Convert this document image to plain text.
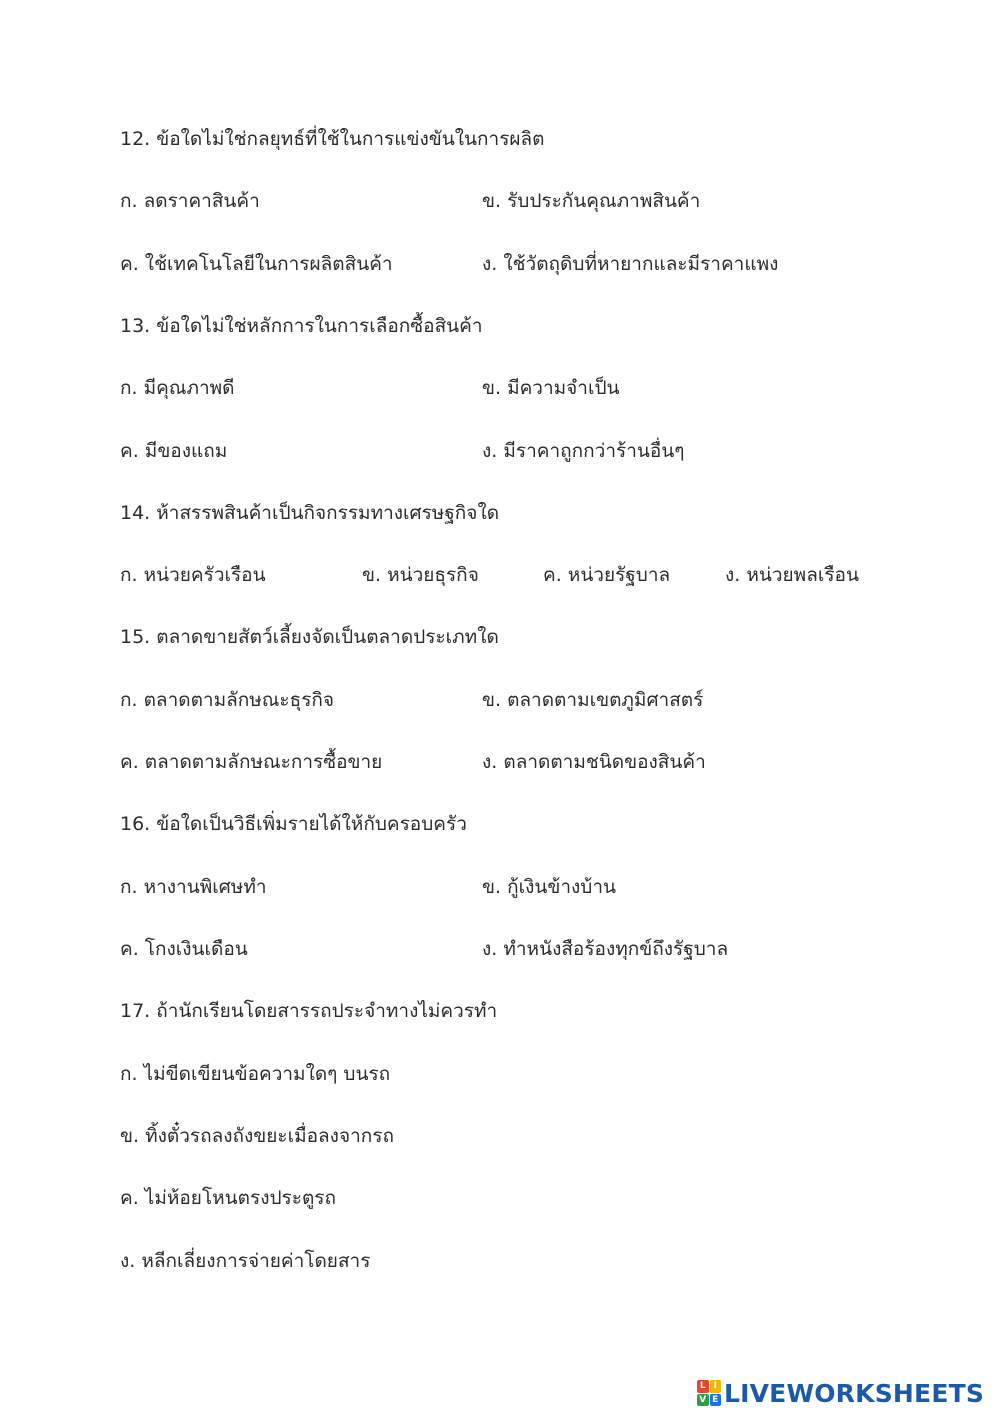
12. ข้อใดไม่ใช่กลยุทธ์ที่ใช้ในการแข่งขันในการผลิต
ก. ลดราคาสินค้า	ข. รับประกันคุณภาพสินค้า
ค. ใช้เทคโนโลยีในการผลิตสินค้า	ง. ใช้วัตถุดิบที่หายากและมีราคาแพง
13. ข้อใดไม่ใช่หลักการในการเลือกซื้อสินค้า
ก. มีคุณภาพดี	ข. มีความจำเป็น
ค. มีของแถม	ง. มีราคาถูกกว่าร้านอื่นๆ
14. ห้าสรรพสินค้าเป็นกิจกรรมทางเศรษฐกิจใด
ก. หน่วยครัวเรือน	ข. หน่วยธุรกิจ	ค. หน่วยรัฐบาล	ง. หน่วยพลเรือน
15. ตลาดขายสัตว์เลี้ยงจัดเป็นตลาดประเภทใด
ก. ตลาดตามลักษณะธุรกิจ	ข. ตลาดตามเขตภูมิศาสตร์
ค. ตลาดตามลักษณะการซื้อขาย	ง. ตลาดตามชนิดของสินค้า
16. ข้อใดเป็นวิธีเพิ่มรายได้ให้กับครอบครัว
ก. หางานพิเศษทำ	ข. กู้เงินข้างบ้าน
ค. โกงเงินเดือน	ง. ทำหนังสือร้องทุกข์ถึงรัฐบาล
17. ถ้านักเรียนโดยสารรถประจำทางไม่ควรทำ
ก. ไม่ขีดเขียนข้อความใดๆ บนรถ
ข. ทิ้งตั๋วรถลงถังขยะเมื่อลงจากรถ
ค. ไม่ห้อยโหนตรงประตูรถ
ง. หลีกเลี่ยงการจ่ายค่าโดยสาร
L I
V E LIVEWORKSHEETS
